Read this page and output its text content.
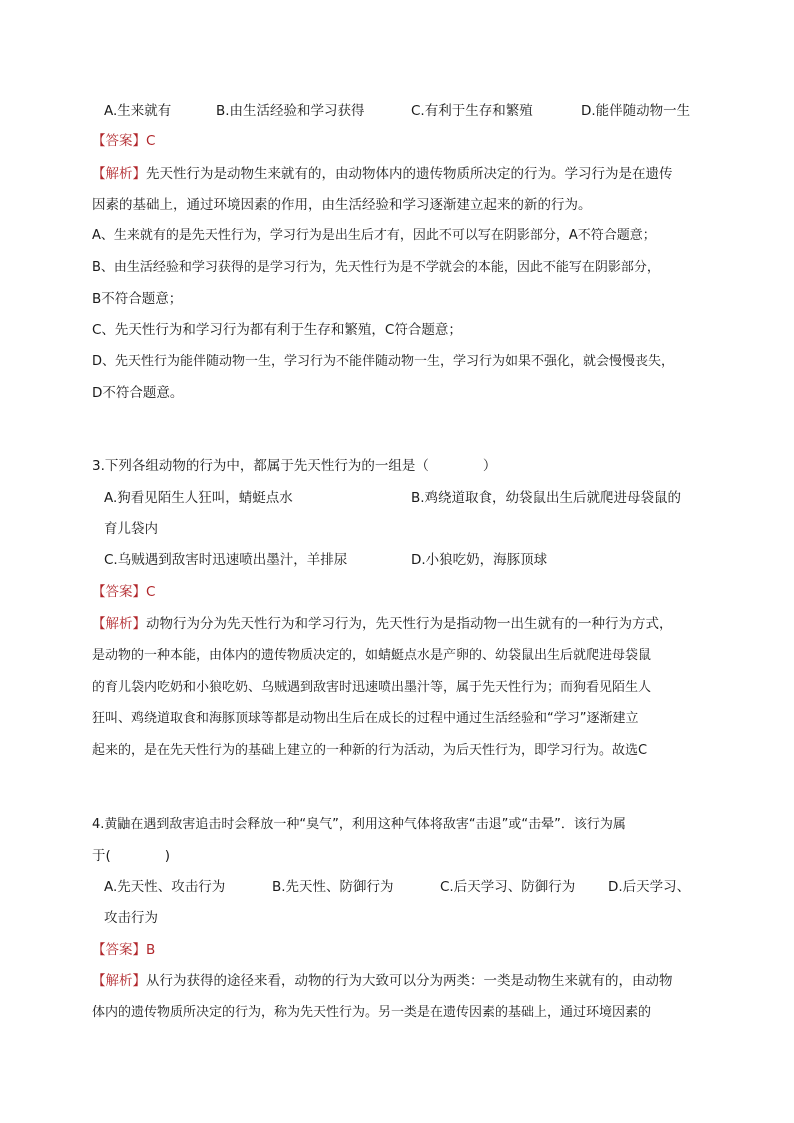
A.生来就有	B.由生活经验和学习获得	C.有利于生存和繁殖	D.能伴随动物一生
【答案】C
【解析】先天性行为是动物生来就有的，由动物体内的遗传物质所决定的行为。学习行为是在遗传
因素的基础上，通过环境因素的作用，由生活经验和学习逐渐建立起来的新的行为。
A、生来就有的是先天性行为，学习行为是出生后才有，因此不可以写在阴影部分，A不符合题意；
B、由生活经验和学习获得的是学习行为，先天性行为是不学就会的本能，因此不能写在阴影部分，
B不符合题意；
C、先天性行为和学习行为都有利于生存和繁殖，C符合题意；
D、先天性行为能伴随动物一生，学习行为不能伴随动物一生，学习行为如果不强化，就会慢慢丧失，
D不符合题意。
3.下列各组动物的行为中，都属于先天性行为的一组是（　　　　）
A.狗看见陌生人狂叫，蜻蜓点水	B.鸡绕道取食，幼袋鼠出生后就爬进母袋鼠的
育儿袋内
C.乌贼遇到敌害时迅速喷出墨汁，羊排尿	D.小狼吃奶，海豚顶球
【答案】C
【解析】动物行为分为先天性行为和学习行为，先天性行为是指动物一出生就有的一种行为方式，
是动物的一种本能，由体内的遗传物质决定的，如蜻蜓点水是产卵的、幼袋鼠出生后就爬进母袋鼠
的育儿袋内吃奶和小狼吃奶、乌贼遇到敌害时迅速喷出墨汁等，属于先天性行为；而狗看见陌生人
狂叫、鸡绕道取食和海豚顶球等都是动物出生后在成长的过程中通过生活经验和“学习”逐渐建立
起来的，是在先天性行为的基础上建立的一种新的行为活动，为后天性行为，即学习行为。故选C
4.黄鼬在遇到敌害追击时会释放一种“臭气”，利用这种气体将敌害“击退”或“击晕”．该行为属
于(　　　　)
A.先天性、攻击行为	B.先天性、防御行为	C.后天学习、防御行为 D.后天学习、
攻击行为
【答案】B
【解析】从行为获得的途径来看，动物的行为大致可以分为两类：一类是动物生来就有的，由动物
体内的遗传物质所决定的行为，称为先天性行为。另一类是在遗传因素的基础上，通过环境因素的
